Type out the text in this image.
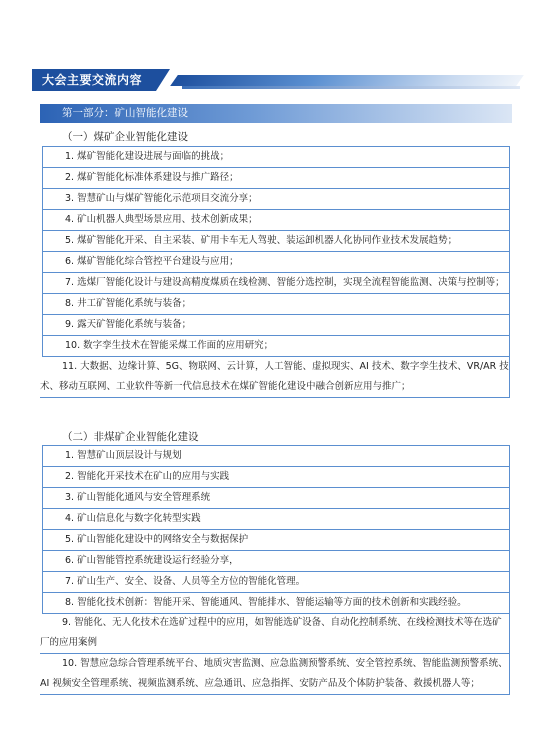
大会主要交流内容
第一部分：矿山智能化建设
（一）煤矿企业智能化建设
1. 煤矿智能化建设进展与面临的挑战；
2. 煤矿智能化标准体系建设与推广路径；
3. 智慧矿山与煤矿智能化示范项目交流分享；
4. 矿山机器人典型场景应用、技术创新成果；
5. 煤矿智能化开采、自主采装、矿用卡车无人驾驶、装运卸机器人化协同作业技术发展趋势；
6. 煤矿智能化综合管控平台建设与应用；
7. 选煤厂智能化设计与建设高精度煤质在线检测、智能分选控制，实现全流程智能监测、决策与控制等；
8. 井工矿智能化系统与装备；
9. 露天矿智能化系统与装备；
10. 数字孪生技术在智能采煤工作面的应用研究；
11. 大数据、边缘计算、5G、物联网、云计算，人工智能、虚拟现实、AI 技术、数字孪生技术、VR/AR 技术、移动互联网、工业软件等新一代信息技术在煤矿智能化建设中融合创新应用与推广；
（二）非煤矿企业智能化建设
1. 智慧矿山顶层设计与规划
2. 智能化开采技术在矿山的应用与实践
3. 矿山智能化通风与安全管理系统
4. 矿山信息化与数字化转型实践
5. 矿山智能化建设中的网络安全与数据保护
6. 矿山智能管控系统建设运行经验分享，
7. 矿山生产、安全、设备、人员等全方位的智能化管理。
8. 智能化技术创新：智能开采、智能通风、智能排水、智能运输等方面的技术创新和实践经验。
9. 智能化、无人化技术在选矿过程中的应用，如智能选矿设备、自动化控制系统、在线检测技术等在选矿厂的应用案例
10. 智慧应急综合管理系统平台、地质灾害监测、应急监测预警系统、安全管控系统、智能监测预警系统、AI 视频安全管理系统、视频监测系统、应急通讯、应急指挥、安防产品及个体防护装备、救援机器人等；
